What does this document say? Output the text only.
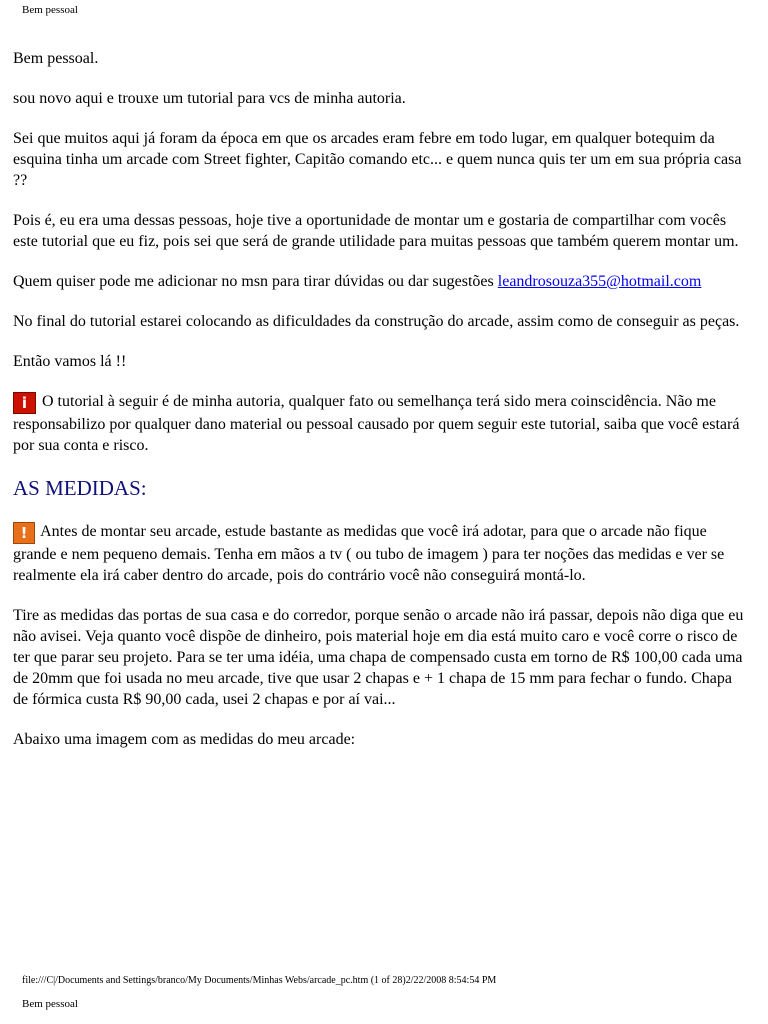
Bem pessoal

Bem pessoal.

sou novo aqui e trouxe um tutorial para vcs de minha autoria.

Sei que muitos aqui já foram da época em que os arcades eram febre em todo lugar, em qualquer botequim da esquina tinha um arcade com Street fighter, Capitão comando etc... e quem nunca quis ter um em sua própria casa ??

Pois é, eu era uma dessas pessoas, hoje tive a oportunidade de montar um e gostaria de compartilhar com vocês este tutorial que eu fiz, pois sei que será de grande utilidade para muitas pessoas que também querem montar um.

Quem quiser pode me adicionar no msn para tirar dúvidas ou dar sugestões leandrosouza355@hotmail.com

No final do tutorial estarei colocando as dificuldades da construção do arcade, assim como de conseguir as peças.

Então vamos lá !!

i O tutorial à seguir é de minha autoria, qualquer fato ou semelhança terá sido mera coinscidência. Não me responsabilizo por qualquer dano material ou pessoal causado por quem seguir este tutorial, saiba que você estará por sua conta e risco.

AS MEDIDAS:

! Antes de montar seu arcade, estude bastante as medidas que você irá adotar, para que o arcade não fique grande e nem pequeno demais. Tenha em mãos a tv ( ou tubo de imagem ) para ter noções das medidas e ver se realmente ela irá caber dentro do arcade, pois do contrário você não conseguirá montá-lo.

Tire as medidas das portas de sua casa e do corredor, porque senão o arcade não irá passar, depois não diga que eu não avisei. Veja quanto você dispõe de dinheiro, pois material hoje em dia está muito caro e você corre o risco de ter que parar seu projeto. Para se ter uma idéia, uma chapa de compensado custa em torno de R$ 100,00 cada uma de 20mm que foi usada no meu arcade, tive que usar 2 chapas e + 1 chapa de 15 mm para fechar o fundo. Chapa de fórmica custa R$ 90,00 cada, usei 2 chapas e por aí vai...

Abaixo uma imagem com as medidas do meu arcade:

file:///C|/Documents and Settings/branco/My Documents/Minhas Webs/arcade_pc.htm (1 of 28)2/22/2008 8:54:54 PM
Bem pessoal
